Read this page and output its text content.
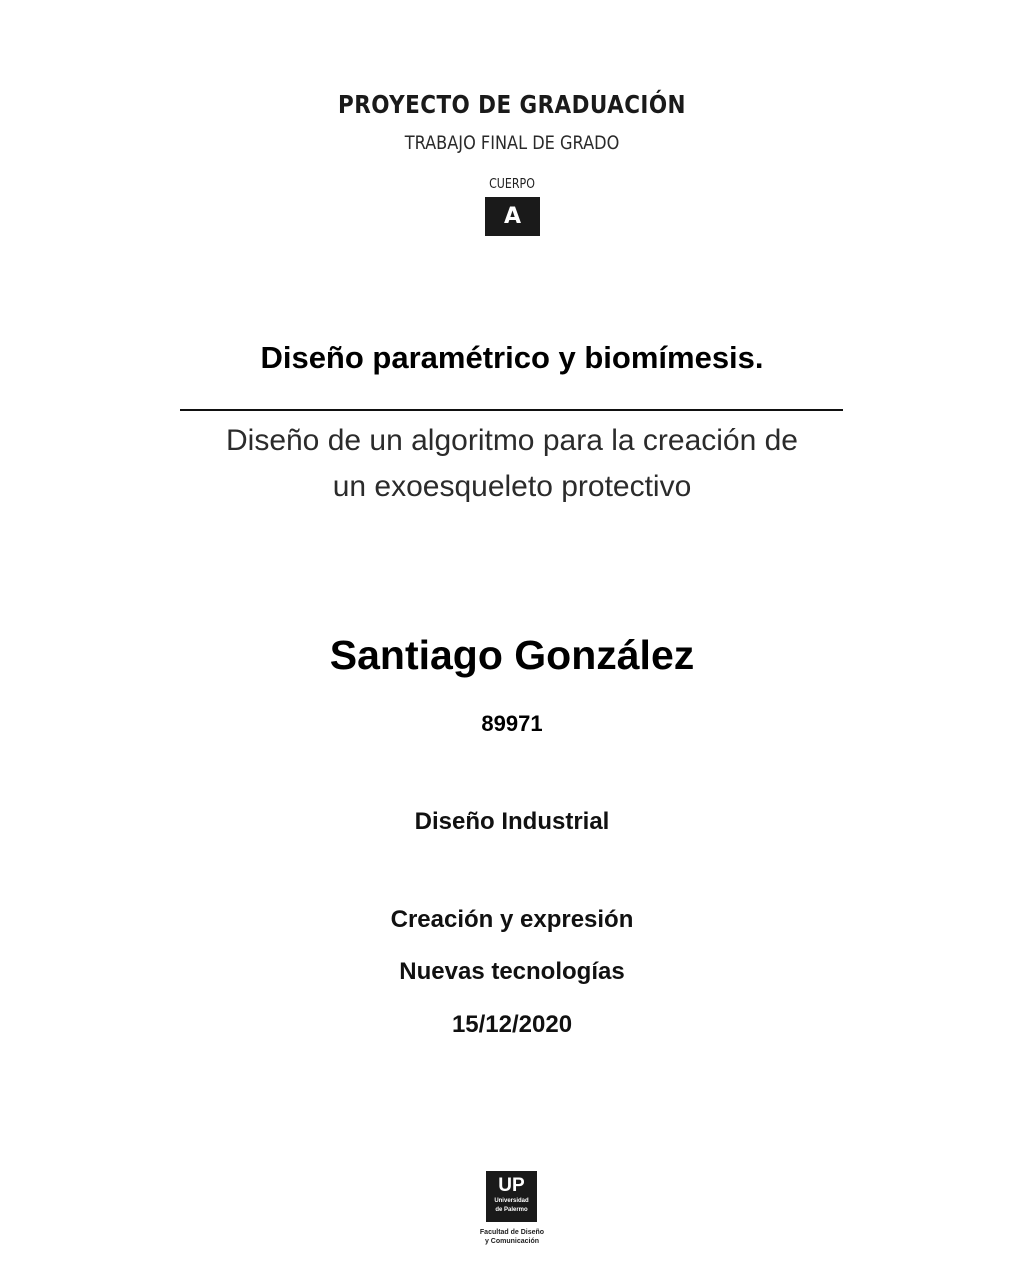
PROYECTO DE GRADUACIÓN
TRABAJO FINAL DE GRADO
CUERPO
A
Diseño paramétrico y biomímesis.
Diseño de un algoritmo para la creación de
un exoesqueleto protectivo
Santiago González
89971
Diseño Industrial
Creación y expresión
Nuevas tecnologías
15/12/2020
UP
Universidad
de Palermo
Facultad de Diseño
y Comunicación
